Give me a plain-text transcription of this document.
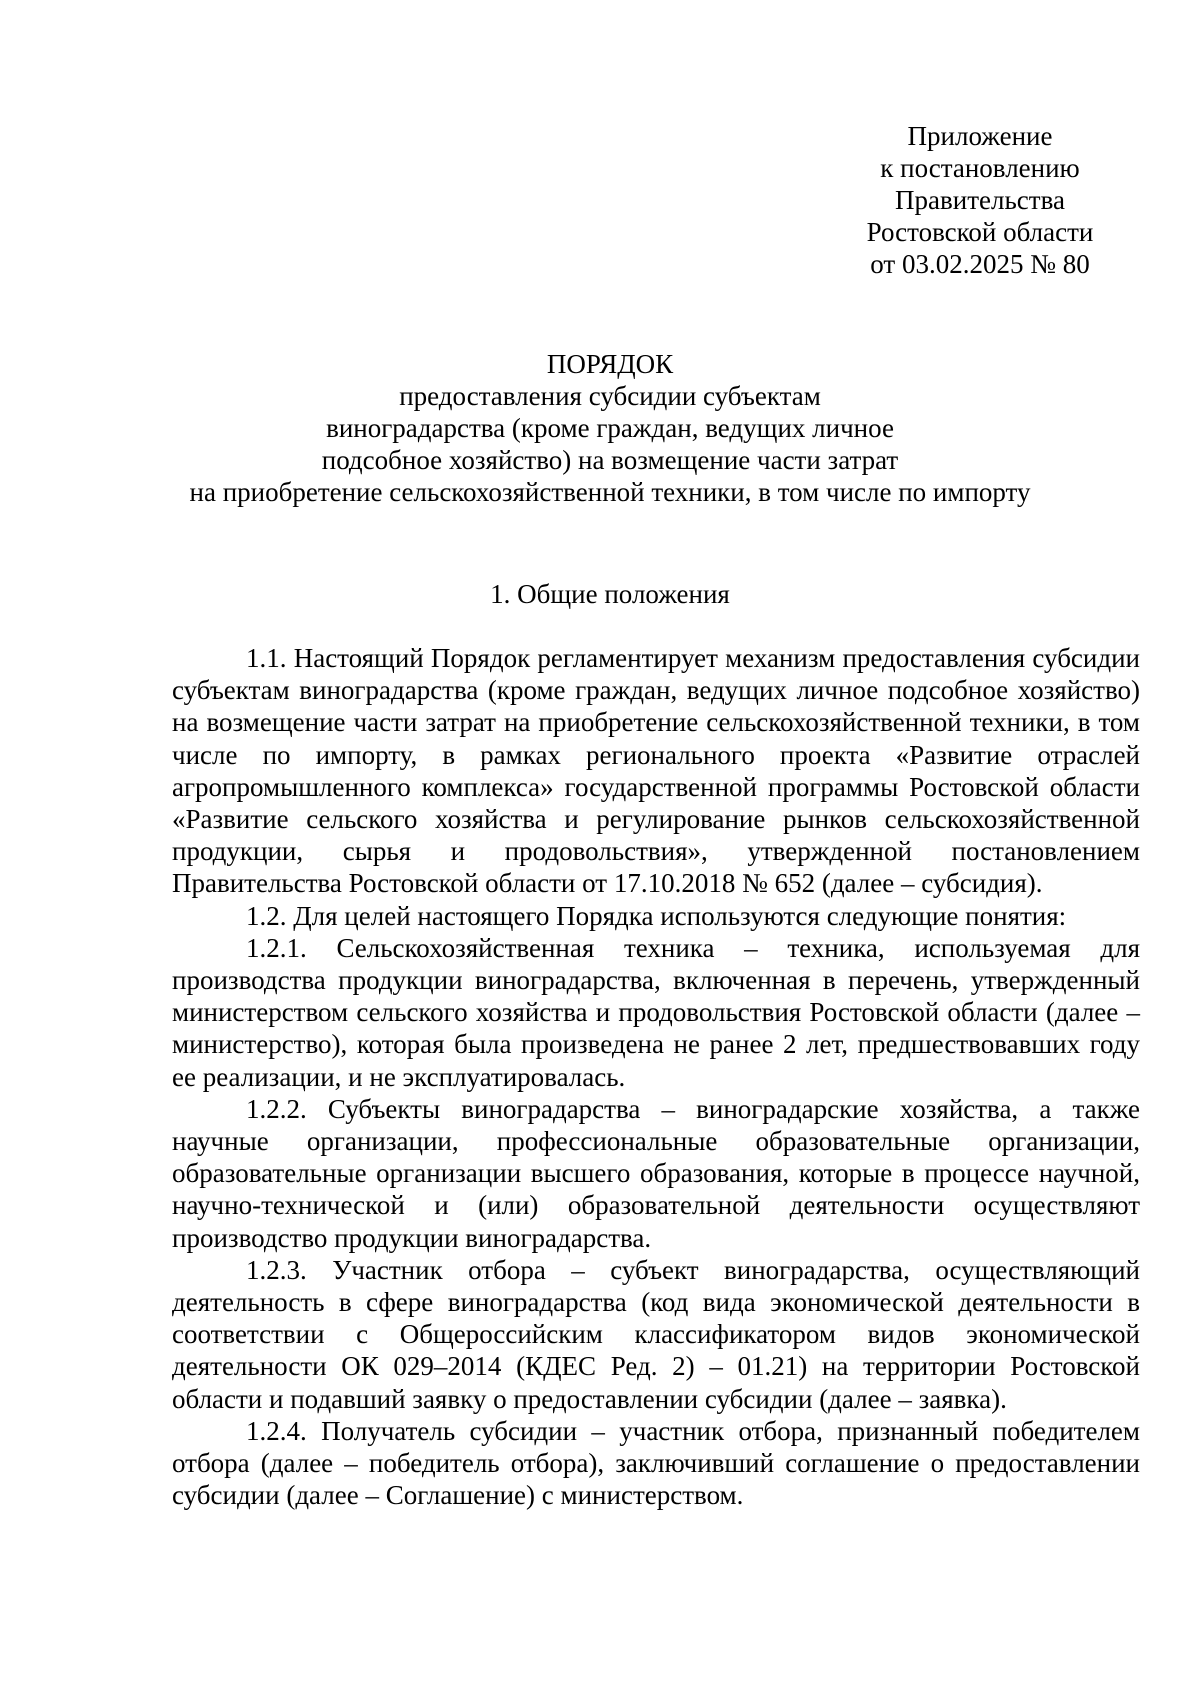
Приложение
к постановлению
Правительства
Ростовской области
от 03.02.2025 № 80
ПОРЯДОК
предоставления субсидии субъектам
виноградарства (кроме граждан, ведущих личное
подсобное хозяйство) на возмещение части затрат
на приобретение сельскохозяйственной техники, в том числе по импорту
1. Общие положения

1.1. Настоящий Порядок регламентирует механизм предоставления субсидии субъектам виноградарства (кроме граждан, ведущих личное подсобное хозяйство) на возмещение части затрат на приобретение сельскохозяйственной техники, в том числе по импорту, в рамках регионального проекта «Развитие отраслей агропромышленного комплекса» государственной программы Ростовской области «Развитие сельского хозяйства и регулирование рынков сельскохозяйственной продукции, сырья и продовольствия», утвержденной постановлением Правительства Ростовской области от 17.10.2018 № 652 (далее – субсидия).

1.2. Для целей настоящего Порядка используются следующие понятия:

1.2.1. Сельскохозяйственная техника – техника, используемая для производства продукции виноградарства, включенная в перечень, утвержденный министерством сельского хозяйства и продовольствия Ростовской области (далее – министерство), которая была произведена не ранее 2 лет, предшествовавших году ее реализации, и не эксплуатировалась.

1.2.2. Субъекты виноградарства – виноградарские хозяйства, а также научные организации, профессиональные образовательные организации, образовательные организации высшего образования, которые в процессе научной, научно-технической и (или) образовательной деятельности осуществляют производство продукции виноградарства.

1.2.3. Участник отбора – субъект виноградарства, осуществляющий деятельность в сфере виноградарства (код вида экономической деятельности в соответствии с Общероссийским классификатором видов экономической деятельности ОК 029–2014 (КДЕС Ред. 2) – 01.21) на территории Ростовской области и подавший заявку о предоставлении субсидии (далее – заявка).

1.2.4. Получатель субсидии – участник отбора, признанный победителем отбора (далее – победитель отбора), заключивший соглашение о предоставлении субсидии (далее – Соглашение) с министерством.
